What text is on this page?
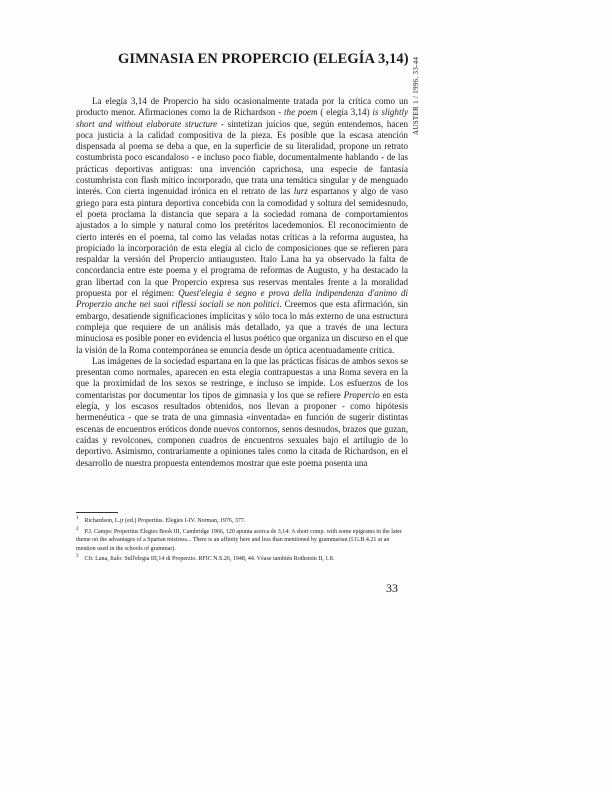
GIMNASIA EN PROPERCIO (ELEGÍA 3,14) AUSTER 1 / 1996, 33-44

La elegía 3,14 de Propercio ha sido ocasionalmente tratada por la crítica como un producto menor. Afirmaciones como la de Richardson - the poem ( elegía 3,14) is slightly short and without elaborate structure - sintetizan juicios que, según entendemos, hacen poca justicia a la calidad compositiva de la pieza. Es posible que la escasa atención dispensada al poema se deba a que, en la superficie de su literalidad, propone un retrato costumbrista poco escandaloso - e incluso poco fiable, documentalmente hablando - de las prácticas deportivas antiguas: una invención caprichosa, una especie de fantasía costumbrista con flash mítico incorporado, que trata una temática singular y de menguado interés. Con cierta ingenuidad irónica en el retrato de las lurz espartanos y algo de vaso griego para esta pintura deportiva concebida con la comodidad y soltura del semidesnudo, el poeta proclama la distancia que separa a la sociedad romana de comportamientos ajustados a lo simple y natural como los pretéritos lacedemonios. El reconocimiento de cierto interés en el poema, tal como las veladas notas críticas a la reforma augustea, ha propiciado la incorporación de esta elegía al ciclo de composiciones que se refieren para respaldar la versión del Propercio antiaugusteo. Italo Lana ha ya observado la falta de concordancia entre este poema y el programa de reformas de Augusto, y ha destacado la gran libertad con la que Propercio expresa sus reservas mentales frente a la moralidad propuesta por el régimen: Quest'elegia è segno e prova della indipendenza d'animo di Properzio anche nei suoi riflessi sociali se non politici. Creemos que esta afirmación, sin embargo, desatiende significaciones implícitas y sólo toca lo más externo de una estructura compleja que requiere de un análisis más detallado, ya que a través de una lectura minuciosa es posible poner en evidencia el lusus poético que organiza un discurso en el que la visión de la Roma contemporánea se enuncia desde un óptica acentuadamente crítica.

Las imágenes de la sociedad espartana en la que las prácticas físicas de ambos sexos se presentan como normales, aparecen en esta elegía contrapuestas a una Roma severa en la que la proximidad de los sexos se restringe, e incluso se impide. Los esfuerzos de los comentaristas por documentar los tipos de gimnasia y los que se refiere Propercio en esta elegía, y los escasos resultados obtenidos, nos llevan a proponer - como hipótesis hermenéutica - que se trata de una gimnasia «inventada» en función de sugerir distintas escenas de encuentros eróticos donde nuevos contornos, senos desnudos, brazos que guzan, caídas y revolcones, componen cuadros de encuentros sexuales bajo el artilugio de lo deportivo. Asimismo, contrariamente a opiniones tales como la citada de Richardson, en el desarrollo de nuestra propuesta entendemos mostrar que este poema posenta una

$^1$ Richardson, L.jr (ed.) Propertius. Elegies I-IV. Norman, 1976, 377.

$^2$ P.J. Camps: Propertius Elegies Book III, Cambridge 1966, 120 apunta acerca de 3,14: A short comp. with some epigrams in the later theme on the advantages of a Spartan mistress... There is an affinity here and less than mentioned by grammarian (I.G.B.4.21 at an mention used in the schools of grammar).

$^3$ Cfr. Lana, Italo: Sull'elegia III,14 di Properzio. RFIC N.S.26, 1948, 44. Véase también Rothstein II, 1.8.

33
